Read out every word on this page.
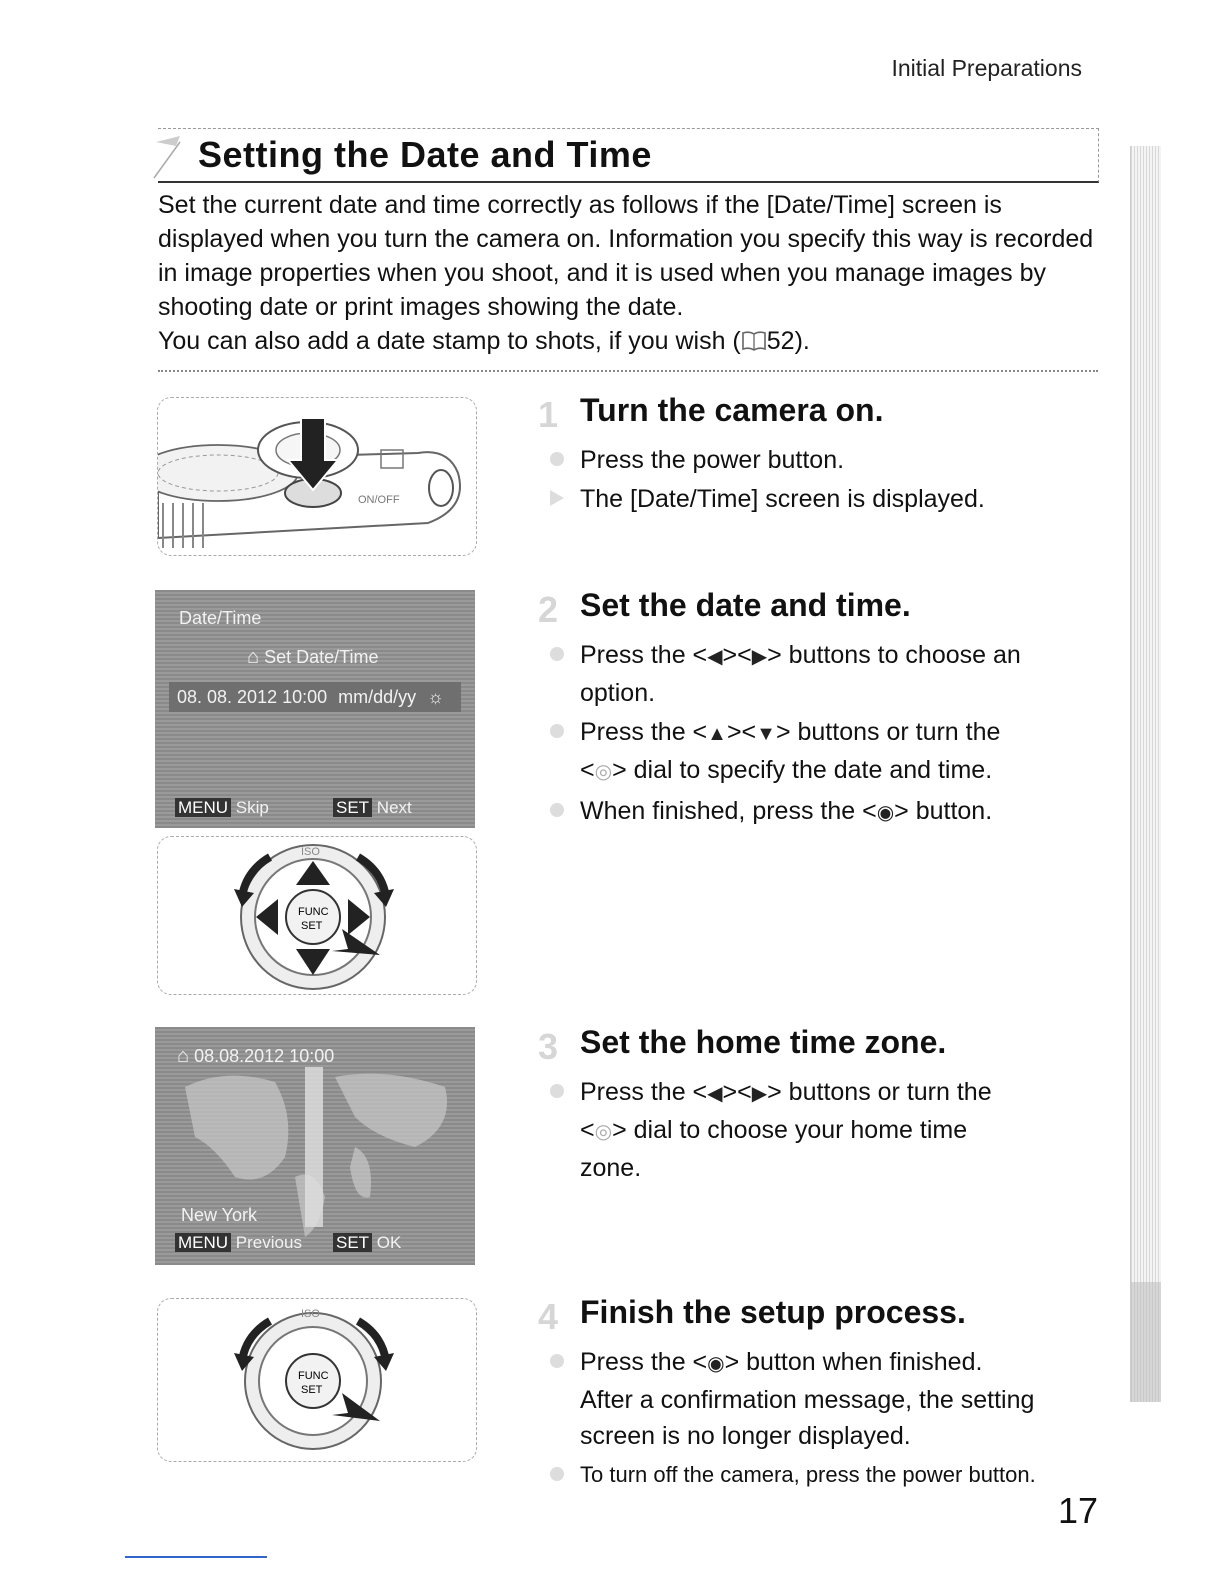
Initial Preparations
Setting the Date and Time

Set the current date and time correctly as follows if the [Date/Time] screen is displayed when you turn the camera on. Information you specify this way is recorded in image properties when you shoot, and it is used when you manage images by shooting date or print images showing the date.

You can also add a date stamp to shots, if you wish ( 52).

ON/OFF
Date/Time
⌂ Set Date/Time
08. 08. 2012 10:00 mm/dd/yy ☼
MENU Skip	SET Next
FUNC
SET
ISO
⌂ 08.08.2012 10:00
New York
MENU Previous SET OK
FUNC
SET
ISO
1 Turn the camera on.
Press the power button.
The [Date/Time] screen is displayed.
2 Set the date and time.
Press the <◀><▶> buttons to choose an
option.
Press the <▲><▼> buttons or turn the
<◎> dial to specify the date and time.
When finished, press the <◉> button.
3 Set the home time zone.
Press the <◀><▶> buttons or turn the
<◎> dial to choose your home time
zone.
4 Finish the setup process.
Press the <◉> button when finished.
After a confirmation message, the setting
screen is no longer displayed.
To turn off the camera, press the power button.
17
